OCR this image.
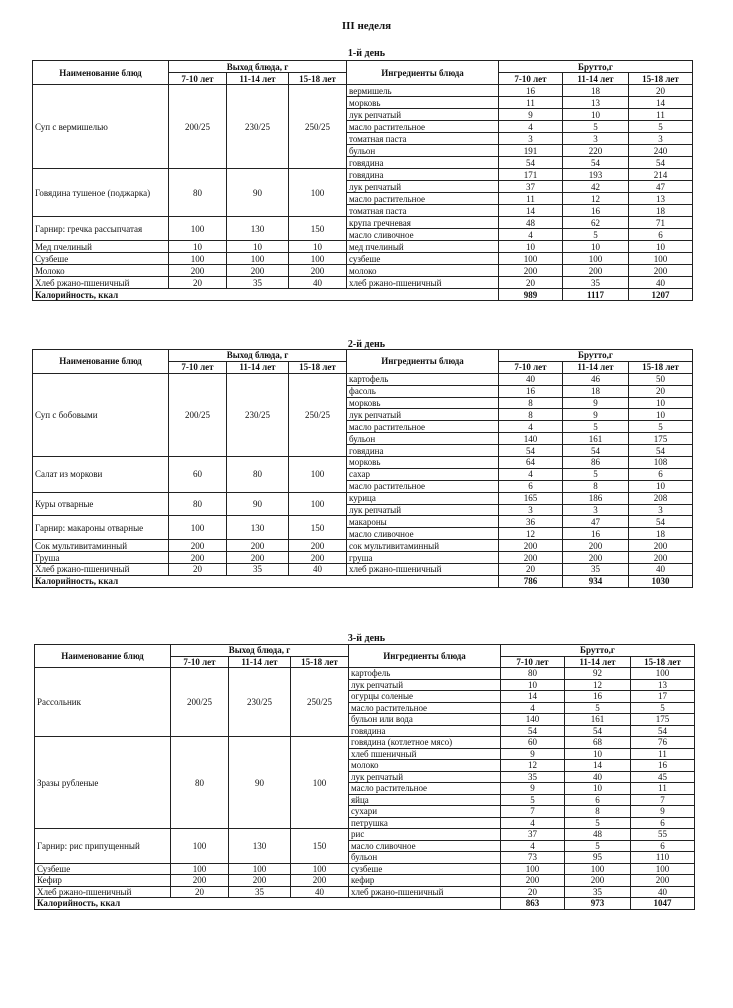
III неделя
1-й день
Наименование блюд	Выход блюда, г			Ингредиенты блюда	Брутто,г		
	7-10 лет	11-14 лет	15-18 лет		7-10 лет	11-14 лет	15-18 лет
Суп с вермишелью	200/25	230/25	250/25	вермишель	16	18	20
				морковь	11	13	14
				лук репчатый	9	10	11
				масло растительное	4	5	5
				томатная паста	3	3	3
				бульон	191	220	240
				говядина	54	54	54
Говядина тушеное (поджарка)	80	90	100	говядина	171	193	214
				лук репчатый	37	42	47
				масло растительное	11	12	13
				томатная паста	14	16	18
Гарнир: гречка рассыпчатая	100	130	150	крупа гречневая	48	62	71
				масло сливочное	4	5	6
Мед пчелиный	10	10	10	мед пчелиный	10	10	10
Сузбеше	100	100	100	сузбеше	100	100	100
Молоко	200	200	200	молоко	200	200	200
Хлеб ржано-пшеничный	20	35	40	хлеб ржано-пшеничный	20	35	40
Калорийность, ккал					989	1117	1207
2-й день
Наименование блюд	Выход блюда, г			Ингредиенты блюда	Брутто,г		
	7-10 лет	11-14 лет	15-18 лет		7-10 лет	11-14 лет	15-18 лет
Суп с бобовыми	200/25	230/25	250/25	картофель	40	46	50
				фасоль	16	18	20
				морковь	8	9	10
				лук репчатый	8	9	10
				масло растительное	4	5	5
				бульон	140	161	175
				говядина	54	54	54
Салат из моркови	60	80	100	морковь	64	86	108
				сахар	4	5	6
				масло растительное	6	8	10
Куры отварные	80	90	100	курица	165	186	208
				лук репчатый	3	3	3
Гарнир: макароны отварные	100	130	150	макароны	36	47	54
				масло сливочное	12	16	18
Сок мультивитаминный	200	200	200	сок мультивитаминный	200	200	200
Груша	200	200	200	груша	200	200	200
Хлеб ржано-пшеничный	20	35	40	хлеб ржано-пшеничный	20	35	40
Калорийность, ккал					786	934	1030
3-й день
Наименование блюд	Выход блюда, г			Ингредиенты блюда	Брутто,г		
	7-10 лет	11-14 лет	15-18 лет		7-10 лет	11-14 лет	15-18 лет
Рассольник	200/25	230/25	250/25	картофель	80	92	100
				лук репчатый	10	12	13
				огурцы соленые	14	16	17
				масло растительное	4	5	5
				бульон или вода	140	161	175
				говядина	54	54	54
Зразы рубленые	80	90	100	говядина (котлетное мясо)	60	68	76
				хлеб пшеничный	9	10	11
				молоко	12	14	16
				лук репчатый	35	40	45
				масло растительное	9	10	11
				яйца	5	6	7
				сухари	7	8	9
				петрушка	4	5	6
Гарнир: рис припущенный	100	130	150	рис	37	48	55
				масло сливочное	4	5	6
				бульон	73	95	110
Сузбеше	100	100	100	сузбеше	100	100	100
Кефир	200	200	200	кефир	200	200	200
Хлеб ржано-пшеничный	20	35	40	хлеб ржано-пшеничный	20	35	40
Калорийность, ккал					863	973	1047
